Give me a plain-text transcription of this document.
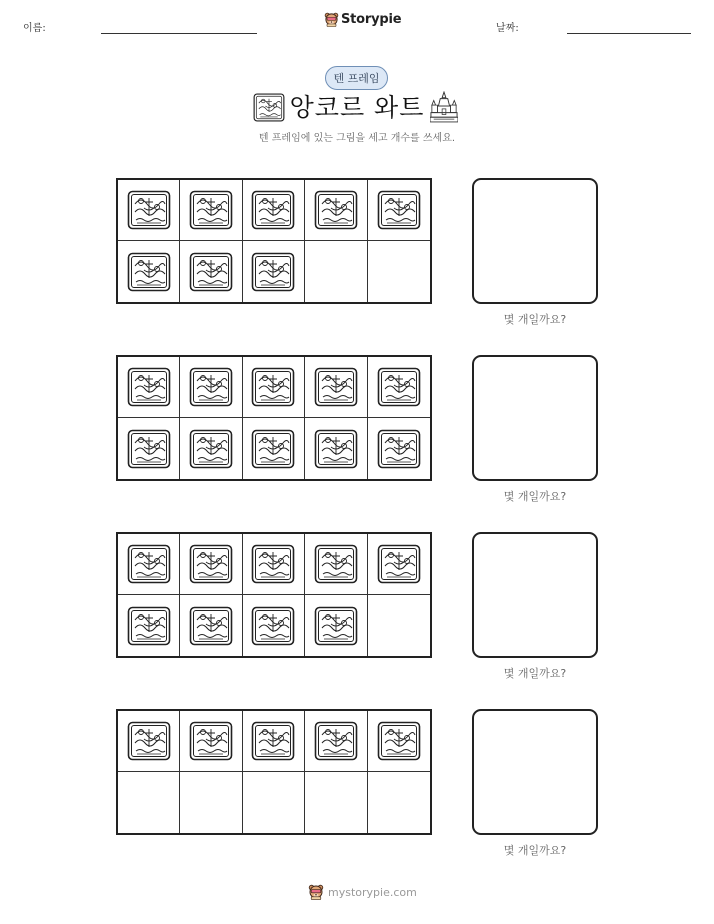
이름:
Storypie
날짜:
텐 프레임
앙코르 와트
텐 프레임에 있는 그림을 세고 개수를 쓰세요.
몇 개일까요?
몇 개일까요?
몇 개일까요?
몇 개일까요?
mystorypie.com
